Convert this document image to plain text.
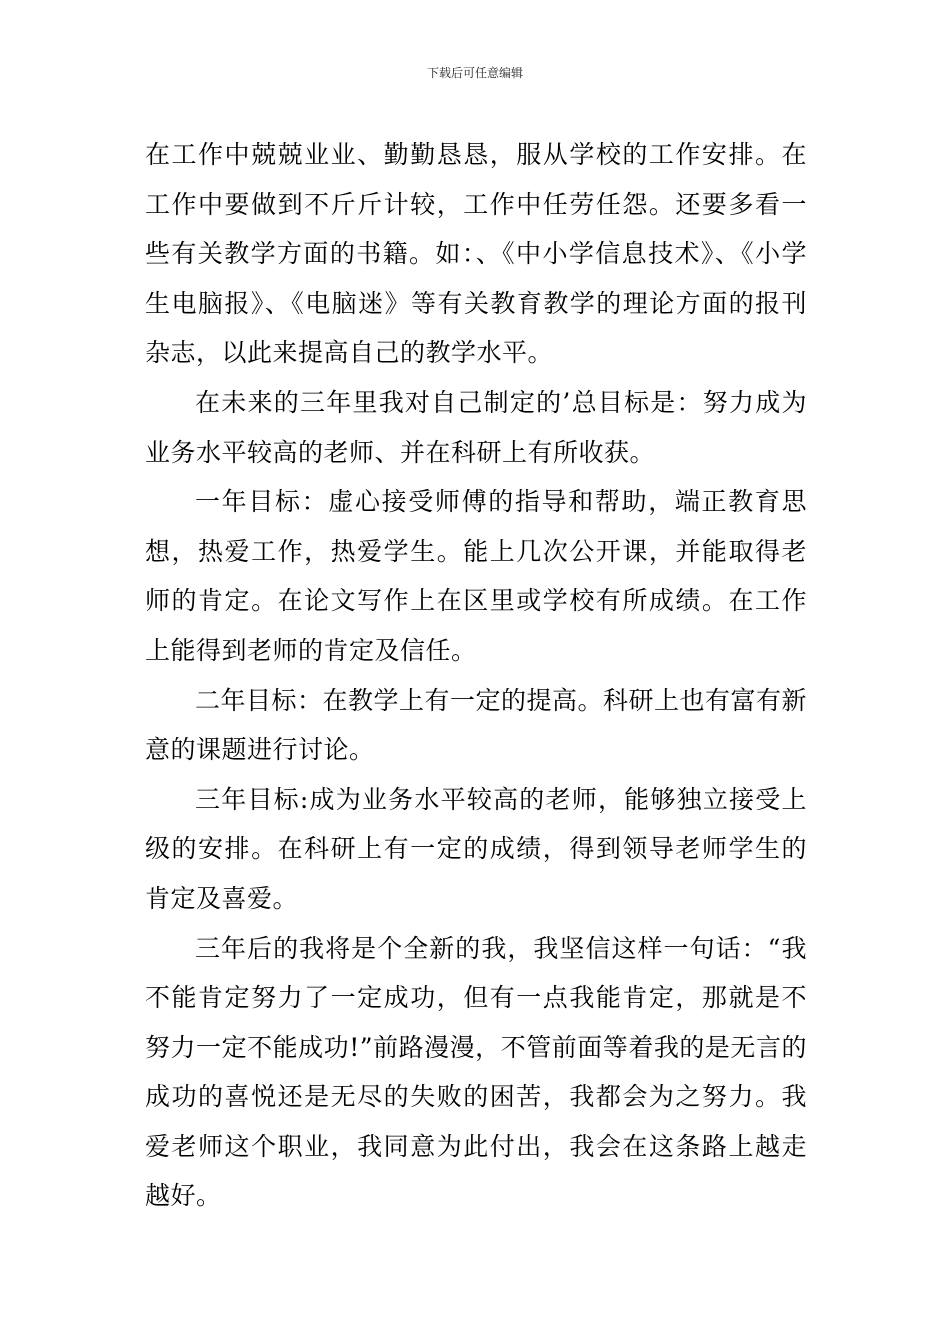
下载后可任意编辑

在工作中兢兢业业、勤勤恳恳，服从学校的工作安排。在工作中要做到不斤斤计较，工作中任劳任怨。还要多看一些有关教学方面的书籍。如：、《中小学信息技术》、《小学生电脑报》、《电脑迷》等有关教育教学的理论方面的报刊杂志，以此来提高自己的教学水平。

在未来的三年里我对自己制定的’总目标是：努力成为业务水平较高的老师、并在科研上有所收获。

一年目标：虚心接受师傅的指导和帮助，端正教育思想，热爱工作，热爱学生。能上几次公开课，并能取得老师的肯定。在论文写作上在区里或学校有所成绩。在工作上能得到老师的肯定及信任。

二年目标：在教学上有一定的提高。科研上也有富有新意的课题进行讨论。

三年目标:成为业务水平较高的老师，能够独立接受上级的安排。在科研上有一定的成绩，得到领导老师学生的肯定及喜爱。

三年后的我将是个全新的我，我坚信这样一句话：“我不能肯定努力了一定成功，但有一点我能肯定，那就是不努力一定不能成功!”前路漫漫，不管前面等着我的是无言的成功的喜悦还是无尽的失败的困苦，我都会为之努力。我爱老师这个职业，我同意为此付出，我会在这条路上越走越好。
